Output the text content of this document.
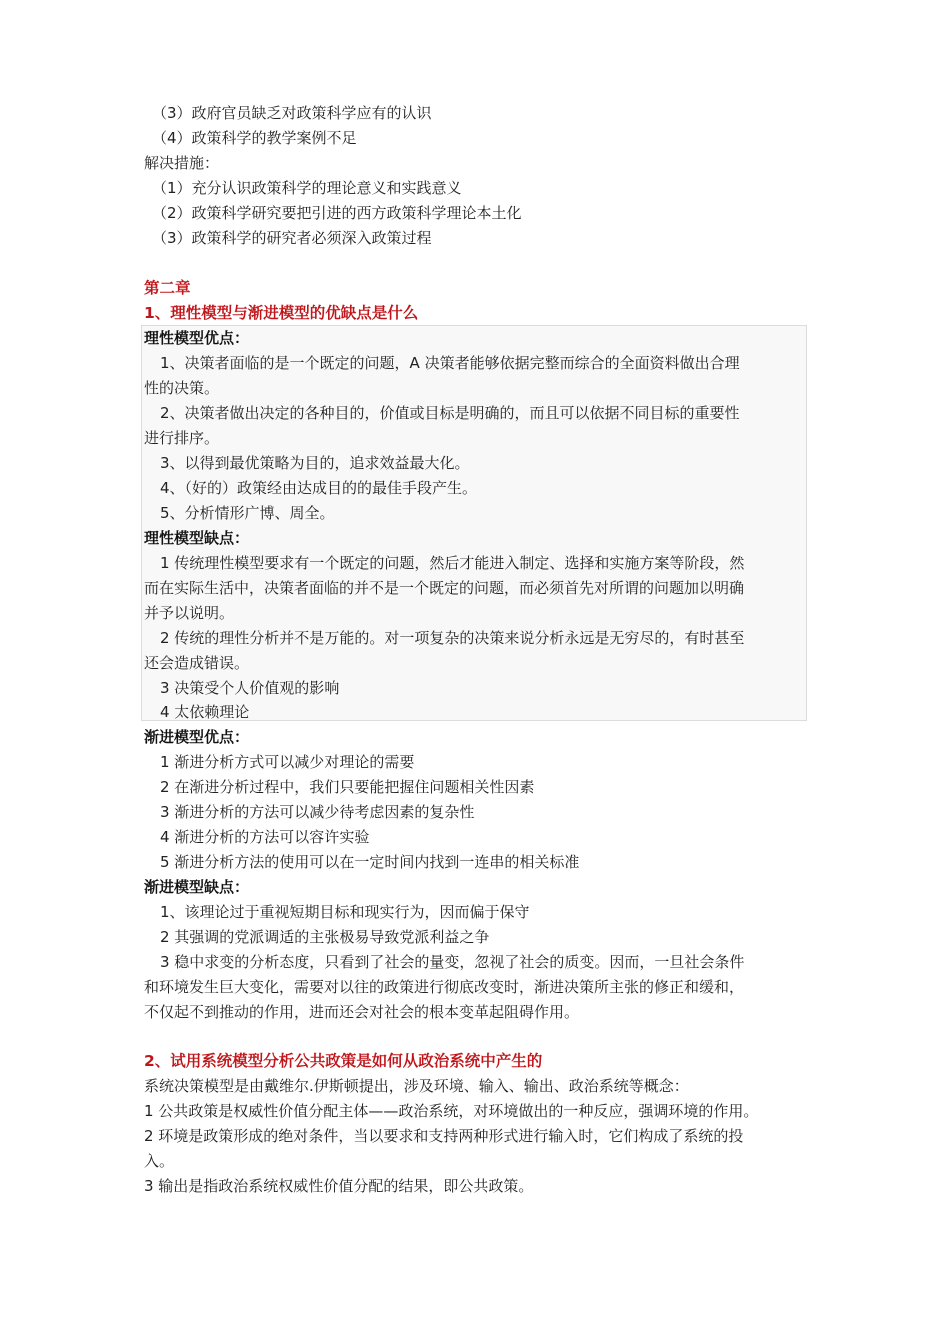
（3）政府官员缺乏对政策科学应有的认识
（4）政策科学的教学案例不足
解决措施：
（1）充分认识政策科学的理论意义和实践意义
（2）政策科学研究要把引进的西方政策科学理论本土化
（3）政策科学的研究者必须深入政策过程
第二章
1、理性模型与渐进模型的优缺点是什么
理性模型优点：
1、决策者面临的是一个既定的问题，A 决策者能够依据完整而综合的全面资料做出合理
性的决策。
2、决策者做出决定的各种目的，价值或目标是明确的，而且可以依据不同目标的重要性
进行排序。
3、以得到最优策略为目的，追求效益最大化。
4、（好的）政策经由达成目的的最佳手段产生。
5、分析情形广博、周全。
理性模型缺点：
1 传统理性模型要求有一个既定的问题，然后才能进入制定、选择和实施方案等阶段，然
而在实际生活中，决策者面临的并不是一个既定的问题，而必须首先对所谓的问题加以明确
并予以说明。
2 传统的理性分析并不是万能的。对一项复杂的决策来说分析永远是无穷尽的，有时甚至
还会造成错误。
3 决策受个人价值观的影响
4 太依赖理论
渐进模型优点：
1 渐进分析方式可以减少对理论的需要
2 在渐进分析过程中，我们只要能把握住问题相关性因素
3 渐进分析的方法可以减少待考虑因素的复杂性
4 渐进分析的方法可以容许实验
5 渐进分析方法的使用可以在一定时间内找到一连串的相关标准
渐进模型缺点：
1、该理论过于重视短期目标和现实行为，因而偏于保守
2 其强调的党派调适的主张极易导致党派利益之争
3 稳中求变的分析态度，只看到了社会的量变，忽视了社会的质变。因而，一旦社会条件
和环境发生巨大变化，需要对以往的政策进行彻底改变时，渐进决策所主张的修正和缓和，
不仅起不到推动的作用，进而还会对社会的根本变革起阻碍作用。
2、试用系统模型分析公共政策是如何从政治系统中产生的
系统决策模型是由戴维尔.伊斯顿提出，涉及环境、输入、输出、政治系统等概念：
1 公共政策是权威性价值分配主体——政治系统，对环境做出的一种反应，强调环境的作用。
2 环境是政策形成的绝对条件，当以要求和支持两种形式进行输入时，它们构成了系统的投
入。
3 输出是指政治系统权威性价值分配的结果，即公共政策。
